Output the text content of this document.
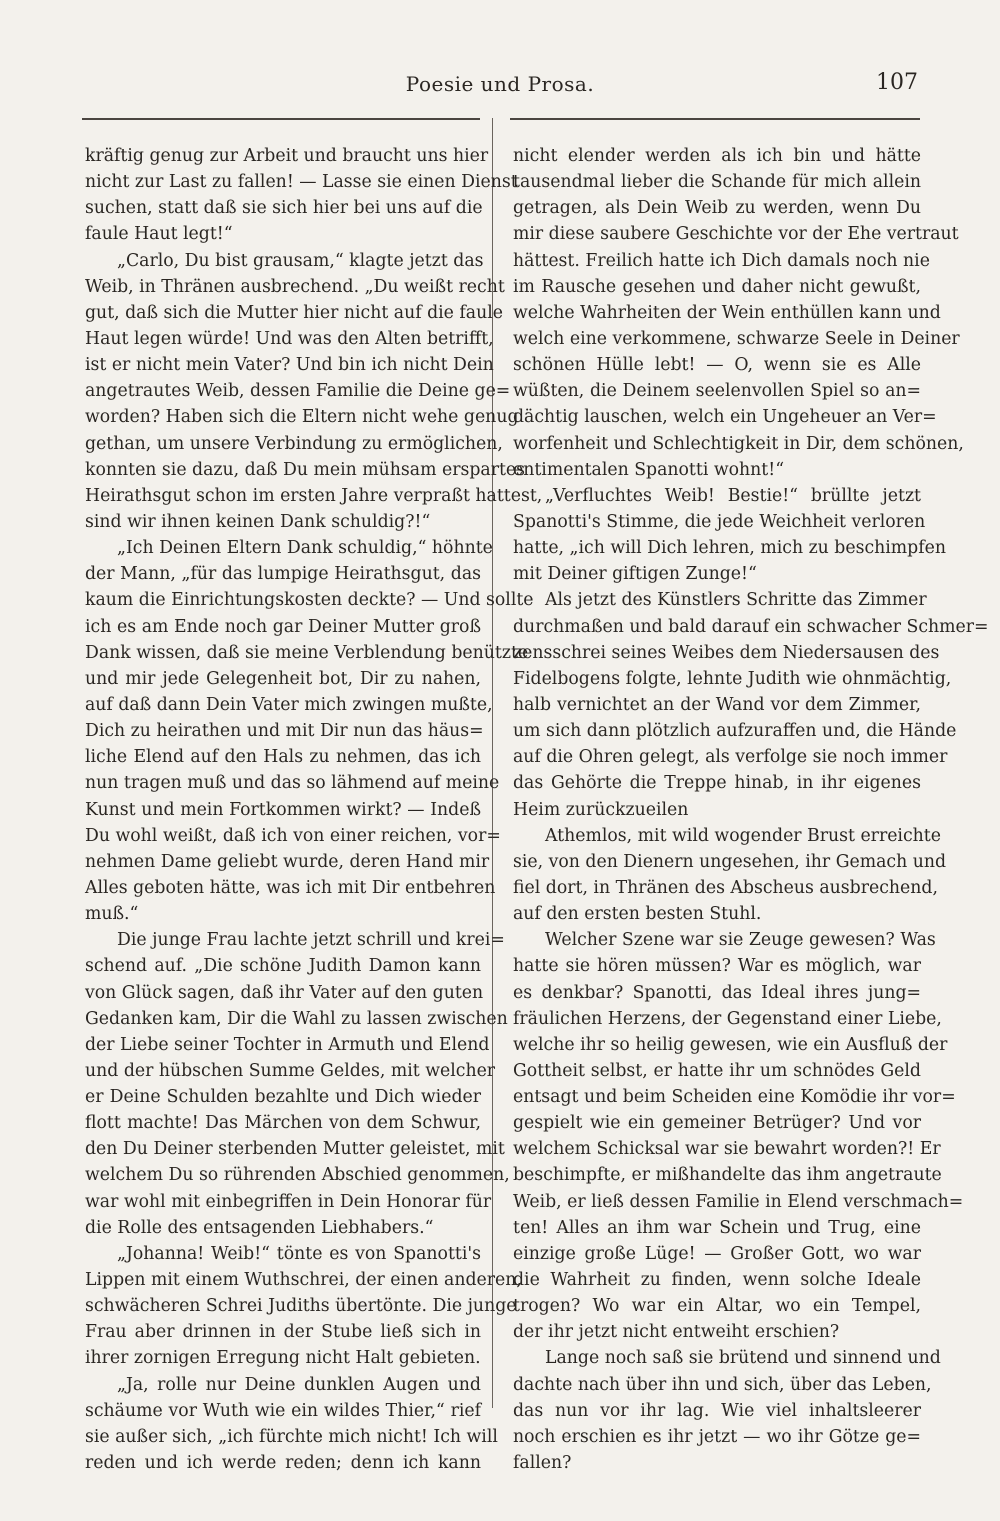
Poesie und Prosa.	107
kräftig genug zur Arbeit und braucht uns hier
nicht zur Last zu fallen! — Lasse sie einen Dienst
suchen, statt daß sie sich hier bei uns auf die
faule Haut legt!“
„Carlo, Du bist grausam,“ klagte jetzt das
Weib, in Thränen ausbrechend. „Du weißt recht
gut, daß sich die Mutter hier nicht auf die faule
Haut legen würde! Und was den Alten betrifft,
ist er nicht mein Vater? Und bin ich nicht Dein
angetrautes Weib, dessen Familie die Deine ge=
worden? Haben sich die Eltern nicht wehe genug
gethan, um unsere Verbindung zu ermöglichen,
konnten sie dazu, daß Du mein mühsam erspartes
Heirathsgut schon im ersten Jahre verpraßt hattest,
sind wir ihnen keinen Dank schuldig?!“
„Ich Deinen Eltern Dank schuldig,“ höhnte
der Mann, „für das lumpige Heirathsgut, das
kaum die Einrichtungskosten deckte? — Und sollte
ich es am Ende noch gar Deiner Mutter groß
Dank wissen, daß sie meine Verblendung benützte
und mir jede Gelegenheit bot, Dir zu nahen,
auf daß dann Dein Vater mich zwingen mußte,
Dich zu heirathen und mit Dir nun das häus=
liche Elend auf den Hals zu nehmen, das ich
nun tragen muß und das so lähmend auf meine
Kunst und mein Fortkommen wirkt? — Indeß
Du wohl weißt, daß ich von einer reichen, vor=
nehmen Dame geliebt wurde, deren Hand mir
Alles geboten hätte, was ich mit Dir entbehren
muß.“
Die junge Frau lachte jetzt schrill und krei=
schend auf. „Die schöne Judith Damon kann
von Glück sagen, daß ihr Vater auf den guten
Gedanken kam, Dir die Wahl zu lassen zwischen
der Liebe seiner Tochter in Armuth und Elend
und der hübschen Summe Geldes, mit welcher
er Deine Schulden bezahlte und Dich wieder
flott machte! Das Märchen von dem Schwur,
den Du Deiner sterbenden Mutter geleistet, mit
welchem Du so rührenden Abschied genommen,
war wohl mit einbegriffen in Dein Honorar für
die Rolle des entsagenden Liebhabers.“
„Johanna! Weib!“ tönte es von Spanotti's
Lippen mit einem Wuthschrei, der einen anderen,
schwächeren Schrei Judiths übertönte. Die junge
Frau aber drinnen in der Stube ließ sich in
ihrer zornigen Erregung nicht Halt gebieten.
„Ja, rolle nur Deine dunklen Augen und
schäume vor Wuth wie ein wildes Thier,“ rief
sie außer sich, „ich fürchte mich nicht! Ich will
reden und ich werde reden; denn ich kann
nicht elender werden als ich bin und hätte
tausendmal lieber die Schande für mich allein
getragen, als Dein Weib zu werden, wenn Du
mir diese saubere Geschichte vor der Ehe vertraut
hättest. Freilich hatte ich Dich damals noch nie
im Rausche gesehen und daher nicht gewußt,
welche Wahrheiten der Wein enthüllen kann und
welch eine verkommene, schwarze Seele in Deiner
schönen Hülle lebt! — O, wenn sie es Alle
wüßten, die Deinem seelenvollen Spiel so an=
dächtig lauschen, welch ein Ungeheuer an Ver=
worfenheit und Schlechtigkeit in Dir, dem schönen,
entimentalen Spanotti wohnt!“
„Verfluchtes Weib! Bestie!“ brüllte jetzt
Spanotti's Stimme, die jede Weichheit verloren
hatte, „ich will Dich lehren, mich zu beschimpfen
mit Deiner giftigen Zunge!“
Als jetzt des Künstlers Schritte das Zimmer
durchmaßen und bald darauf ein schwacher Schmer=
zensschrei seines Weibes dem Niedersausen des
Fidelbogens folgte, lehnte Judith wie ohnmächtig,
halb vernichtet an der Wand vor dem Zimmer,
um sich dann plötzlich aufzuraffen und, die Hände
auf die Ohren gelegt, als verfolge sie noch immer
das Gehörte die Treppe hinab, in ihr eigenes
Heim zurückzueilen
Athemlos, mit wild wogender Brust erreichte
sie, von den Dienern ungesehen, ihr Gemach und
fiel dort, in Thränen des Abscheus ausbrechend,
auf den ersten besten Stuhl.
Welcher Szene war sie Zeuge gewesen? Was
hatte sie hören müssen? War es möglich, war
es denkbar? Spanotti, das Ideal ihres jung=
fräulichen Herzens, der Gegenstand einer Liebe,
welche ihr so heilig gewesen, wie ein Ausfluß der
Gottheit selbst, er hatte ihr um schnödes Geld
entsagt und beim Scheiden eine Komödie ihr vor=
gespielt wie ein gemeiner Betrüger? Und vor
welchem Schicksal war sie bewahrt worden?! Er
beschimpfte, er mißhandelte das ihm angetraute
Weib, er ließ dessen Familie in Elend verschmach=
ten! Alles an ihm war Schein und Trug, eine
einzige große Lüge! — Großer Gott, wo war
die Wahrheit zu finden, wenn solche Ideale
trogen? Wo war ein Altar, wo ein Tempel,
der ihr jetzt nicht entweiht erschien?
Lange noch saß sie brütend und sinnend und
dachte nach über ihn und sich, über das Leben,
das nun vor ihr lag. Wie viel inhaltsleerer
noch erschien es ihr jetzt — wo ihr Götze ge=
fallen?
